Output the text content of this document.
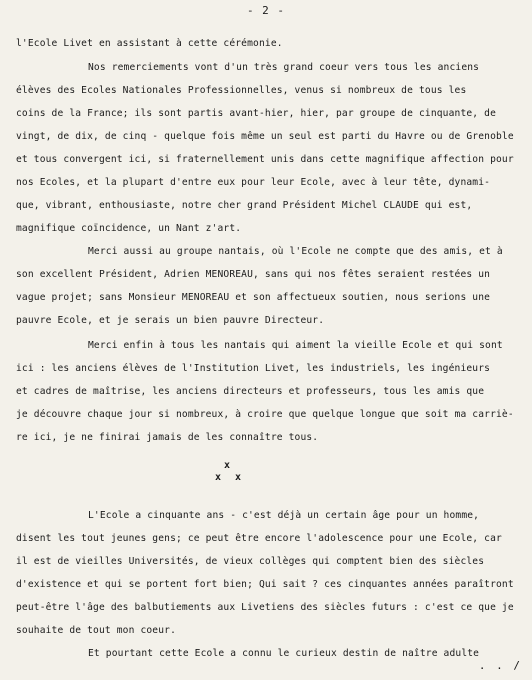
- 2 -
l'Ecole Livet en assistant à cette cérémonie.
Nos remerciements vont d'un très grand coeur vers tous les anciens
élèves des Ecoles Nationales Professionnelles, venus si nombreux de tous les
coins de la France; ils sont partis avant-hier, hier, par groupe de cinquante, de
vingt, de dix, de cinq - quelque fois même un seul est parti du Havre ou de Grenoble
et tous convergent ici, si fraternellement unis dans cette magnifique affection pour
nos Ecoles, et la plupart d'entre eux pour leur Ecole, avec à leur tête, dynami-
que, vibrant, enthousiaste, notre cher grand Président Michel CLAUDE qui est,
magnifique coïncidence, un Nant z'art.
Merci aussi au groupe nantais, où l'Ecole ne compte que des amis, et à
son excellent Président, Adrien MENOREAU, sans qui nos fêtes seraient restées un
vague projet; sans Monsieur MENOREAU et son affectueux soutien, nous serions une
pauvre Ecole, et je serais un bien pauvre Directeur.
Merci enfin à tous les nantais qui aiment la vieille Ecole et qui sont
ici : les anciens élèves de l'Institution Livet, les industriels, les ingénieurs
et cadres de maîtrise, les anciens directeurs et professeurs, tous les amis que
je découvre chaque jour si nombreux, à croire que quelque longue que soit ma carriè-
re ici, je ne finirai jamais de les connaître tous.
x
x x
L'Ecole a cinquante ans - c'est déjà un certain âge pour un homme,
disent les tout jeunes gens; ce peut être encore l'adolescence pour une Ecole, car
il est de vieilles Universités, de vieux collèges qui comptent bien des siècles
d'existence et qui se portent fort bien; Qui sait ? ces cinquantes années paraîtront
peut-être l'âge des balbutiements aux Livetiens des siècles futurs : c'est ce que je
souhaite de tout mon coeur.
Et pourtant cette Ecole a connu le curieux destin de naître adulte
. . /
